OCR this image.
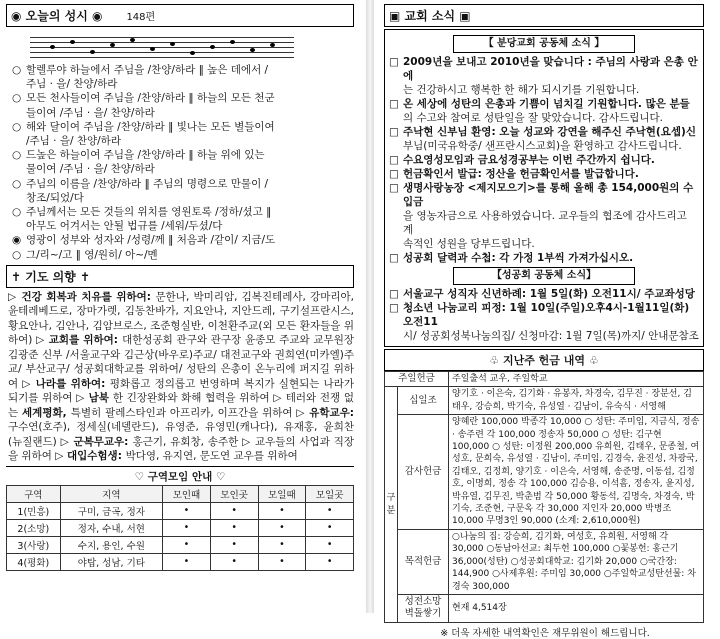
◉ 오늘의 성시 ◉ 148편
○ 할렐루야 하늘에서 주님을 /찬양/하라 ‖ 높은 데에서 /
주님 · 을/ 찬양/하라
○ 모든 천사들이여 주님을 /찬양/하라 ‖ 하늘의 모든 천군
들이여 /주님 · 을/ 찬양/하라
○ 해와 달이여 주님을 /찬양/하라 ‖ 빛나는 모든 별들이여
/주님 · 을/ 찬양/하라
○ 드높은 하늘이여 주님을 /찬양/하라 ‖ 하늘 위에 있는
물이여 /주님 · 을/ 찬양/하라
○ 주님의 이름을 /찬양/하라 ‖ 주님의 명령으로 만물이 /
창조/되었/다
○ 주님께서는 모든 것들의 위치를 영원토록 /정하/셨고 ‖
아무도 어겨서는 안될 법규를 /세워/두셨/다
◉ 영광이 성부와 성자와 /성령/께 ‖ 처음과 /같이/ 지금/도
○ 그/리~/고 ‖ 영/원히/ 아~/멘
✝ 기도 의향 ✝
▷ 건강 회복과 치유를 위하여: 문한나, 박미리암, 김복진테레사, 강마리아, 윤테레베드로, 장마가렛, 김동찬바가, 지요안나, 지안드레, 구기설프란시스, 황요안나, 김안나, 김암브로스, 조준형실반, 이천환주교(외 모든 환자들을 위하여) ▷ 교회를 위하여: 대한성공회 관구와 관구장 윤종모 주교와 교무원장 김광준 신부 /서울교구와 김근상(바우로)주교/ 대전교구와 권희연(미카엘)주교/ 부산교구/ 성공회대학교를 위하여/ 성탄의 은총이 온누리에 퍼지길 위하여 ▷ 나라를 위하여: 평화롭고 정의롭고 번영하며 복지가 실현되는 나라가 되기를 위하여 ▷ 남북 한 긴장완화와 화해 협력을 위하여 ▷ 테러와 전쟁 없는 세계평화, 특별히 팔레스타인과 아프리카, 이프간을 위하여 ▷ 유학교우: 구수연(호주), 정세실(네델란드), 유영준, 유영민(캐나다), 유재홍, 윤희찬(뉴질랜드) ▷ 군복무교우: 홍근기, 유회창, 송주한 ▷ 교우들의 사업과 직장을 위하여 ▷ 대입수험생: 박다영, 유지연, 문도연 교우를 위하여
♡ 구역모임 안내 ♡
구역	지역	모인때	모인곳	모일때	모일곳
1(민흥)	구미, 금곡, 정자	•	•	•	•
2(소망)	정자, 수내, 서현	•	•	•	•
3(사랑)	수지, 용인, 수원	•	•	•	•
4(평화)	야탑, 성남, 기타	•	•	•	•
▣ 교회 소식 ▣
【 분당교회 공동체 소식 】
□ 2009년을 보내고 2010년을 맞습니다 : 주님의 사랑과 은총 안에
는 건강하시고 행복한 한 해가 되시기를 기원합니다.
□ 온 세상에 성탄의 은총과 기쁨이 넘치길 기원합니다. 많은 분들
의 수고와 참여로 성탄일을 잘 맞았습니다. 감사드립니다.
□ 주낙현 신부님 환영: 오늘 성교와 강연을 해주신 주낙현(요셉)신
부님(미국유학중/ 샌프란시스교회)을 환영하고 감사드립니다.
□ 수요영성모임과 금요성경공부는 이번 주간까지 쉽니다.
□ 헌금확인서 발급: 정산을 헌금확인서를 발급합니다.
□ 생명사랑농장 <제지모으기>를 통해 올해 총 154,000원의 수입금
을 영농자금으로 사용하였습니다. 교우들의 협조에 감사드리고 계
속적인 성원을 당부드립니다.
□ 성공회 달력과 수첩: 각 가정 1부씩 가져가십시오.
【성공회 공동체 소식】
□ 서울교구 성직자 신년하례: 1월 5일(화) 오전11시/ 주교좌성당
□ 청소년 나눔교리 피정: 1월 10일(주일)오후4시-1월11일(화)오전11
시/ 성공회성북나눔의집/ 신청마감: 1월 7일(목)까지/ 안내문참조
♧ 지난주 헌금 내역 ♧
주일헌금		주일출석 교우, 주일학교
구분	십일조	양기호 · 이은숙, 김기화 · 유봉자, 차경숙, 김무진 · 장분선, 김태우, 강승희, 박기숙, 유성열 · 김남이, 유숙식 · 서영해
	감사헌금	양혜란 100,000 박종각 10,000 ○ 성탄: 주미임, 지금식, 정송 · 송주련 각 100,000 정송자 50,000 ○ 성탄: 김구현 100,000 ○ 성탄: 이정원 200,000 유희원, 김태우, 문종철, 여성호, 문희숙, 유성열 · 김남이, 주미임, 김경숙, 윤진성, 차광국, 김태오, 김정희, 양기호 · 이은숙, 서영해, 송준명, 이동섭, 김정호, 이명희, 정송 각 100,000 김승용, 이석흠, 정송자, 윤지성, 박유열, 김무진, 박춘범 각 50,000 황동석, 김명숙, 차경숙, 박기숙, 조준현, 구문옥 각 30,000 지인자 20,000 박병조 10,000 무명3인 90,000 (소계: 2,610,000원)
	목적헌금	○나눔의 집: 강승희, 김기화, 여성호, 유희원, 서영해 각 30,000 ○동남아선교: 최두헌 100,000 ○꽃봉헌: 홍근기 36,000(성탄) ○성공회대학교: 김기화 20,000 ○국간장: 144,900 ○사제후원: 주미임 30,000 ○주일학교성탄선물: 차경숙 300,000
	성전소망벽돌쌓기	현재 4,514장
※ 더욱 자세한 내역확인은 재무위원이 해드립니다.
